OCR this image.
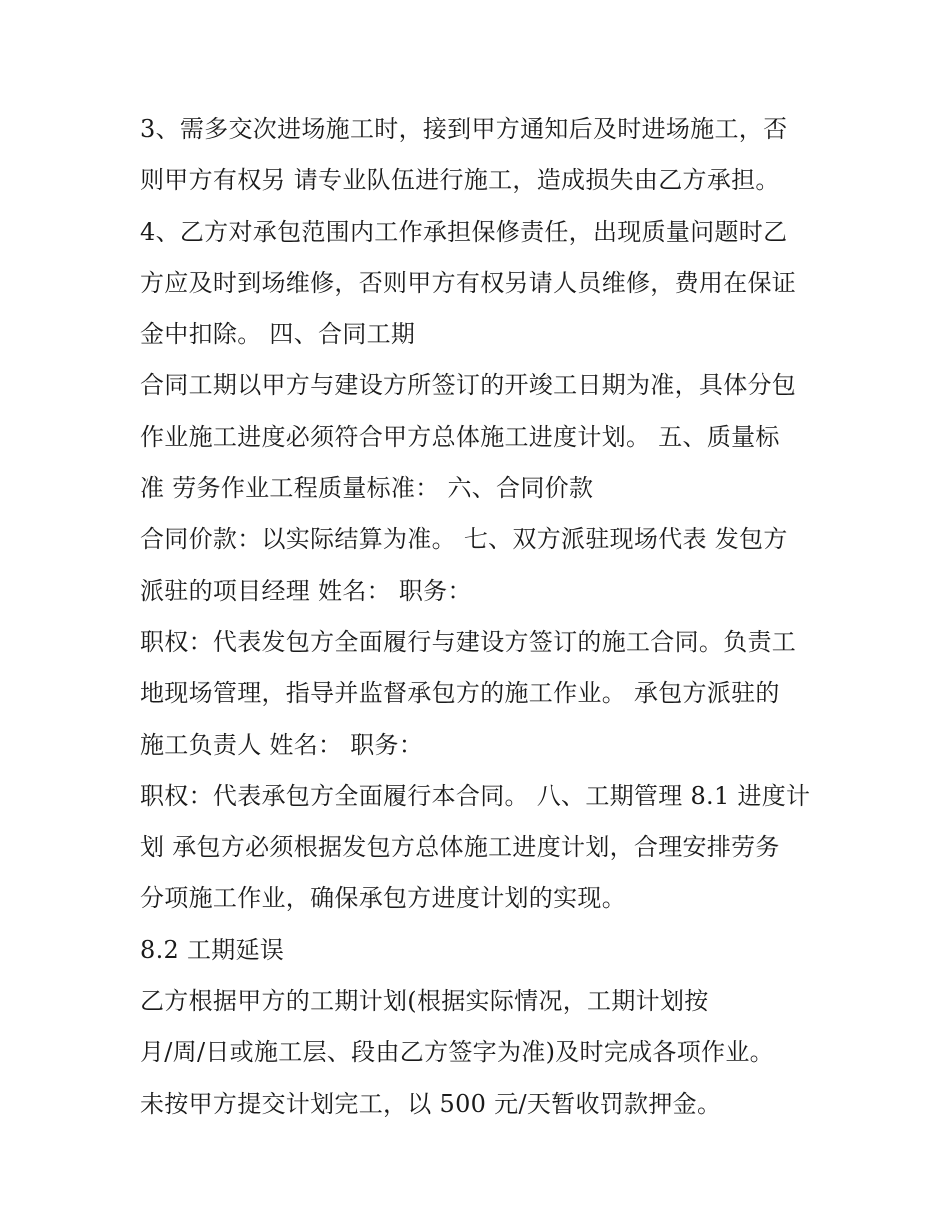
3、需多交次进场施工时，接到甲方通知后及时进场施工，否
则甲方有权另 请专业队伍进行施工，造成损失由乙方承担。
4、乙方对承包范围内工作承担保修责任，出现质量问题时乙
方应及时到场维修，否则甲方有权另请人员维修，费用在保证
金中扣除。 四、合同工期
合同工期以甲方与建设方所签订的开竣工日期为准，具体分包
作业施工进度必须符合甲方总体施工进度计划。 五、质量标
准 劳务作业工程质量标准： 六、合同价款
合同价款：以实际结算为准。 七、双方派驻现场代表 发包方
派驻的项目经理 姓名： 职务：
职权：代表发包方全面履行与建设方签订的施工合同。负责工
地现场管理，指导并监督承包方的施工作业。 承包方派驻的
施工负责人 姓名： 职务：
职权：代表承包方全面履行本合同。 八、工期管理 8.1 进度计
划 承包方必须根据发包方总体施工进度计划，合理安排劳务
分项施工作业，确保承包方进度计划的实现。
8.2 工期延误
乙方根据甲方的工期计划(根据实际情况，工期计划按
月/周/日或施工层、段由乙方签字为准)及时完成各项作业。
未按甲方提交计划完工，以 500 元/天暂收罚款押金。
